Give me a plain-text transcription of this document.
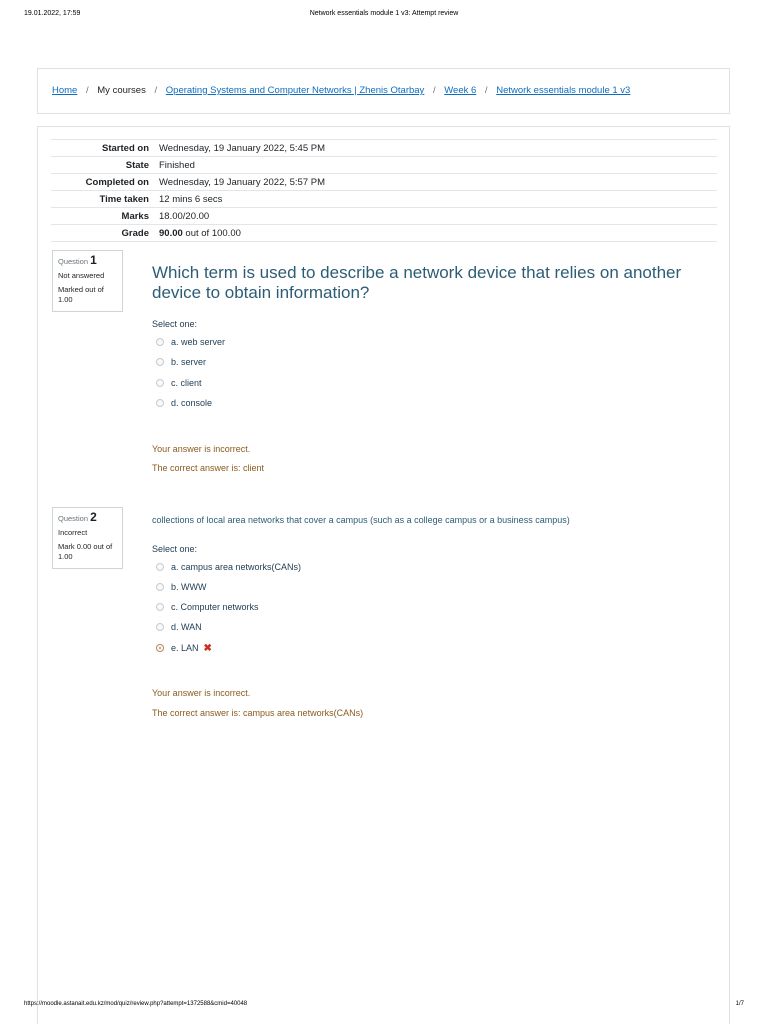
19.01.2022, 17:59	Network essentials module 1 v3: Attempt review
Home / My courses / Operating Systems and Computer Networks | Zhenis Otarbay / Week 6 / Network essentials module 1 v3
Started on	Wednesday, 19 January 2022, 5:45 PM
State	Finished
Completed on	Wednesday, 19 January 2022, 5:57 PM
Time taken	12 mins 6 secs
Marks	18.00/20.00
Grade	90.00 out of 100.00
Question 1
Not answered
Marked out of 1.00
Which term is used to describe a network device that relies on another device to obtain information?
Select one:
a. web server
b. server
c. client
d. console
Your answer is incorrect.
The correct answer is: client
Question 2
Incorrect
Mark 0.00 out of 1.00
collections of local area networks that cover a campus (such as a college campus or a business campus)
Select one:
a. campus area networks(CANs)
b. WWW
c. Computer networks
d. WAN
e. LAN ✖
Your answer is incorrect.
The correct answer is: campus area networks(CANs)
https://moodle.astanait.edu.kz/mod/quiz/review.php?attempt=1372588&cmid=40048	1/7
